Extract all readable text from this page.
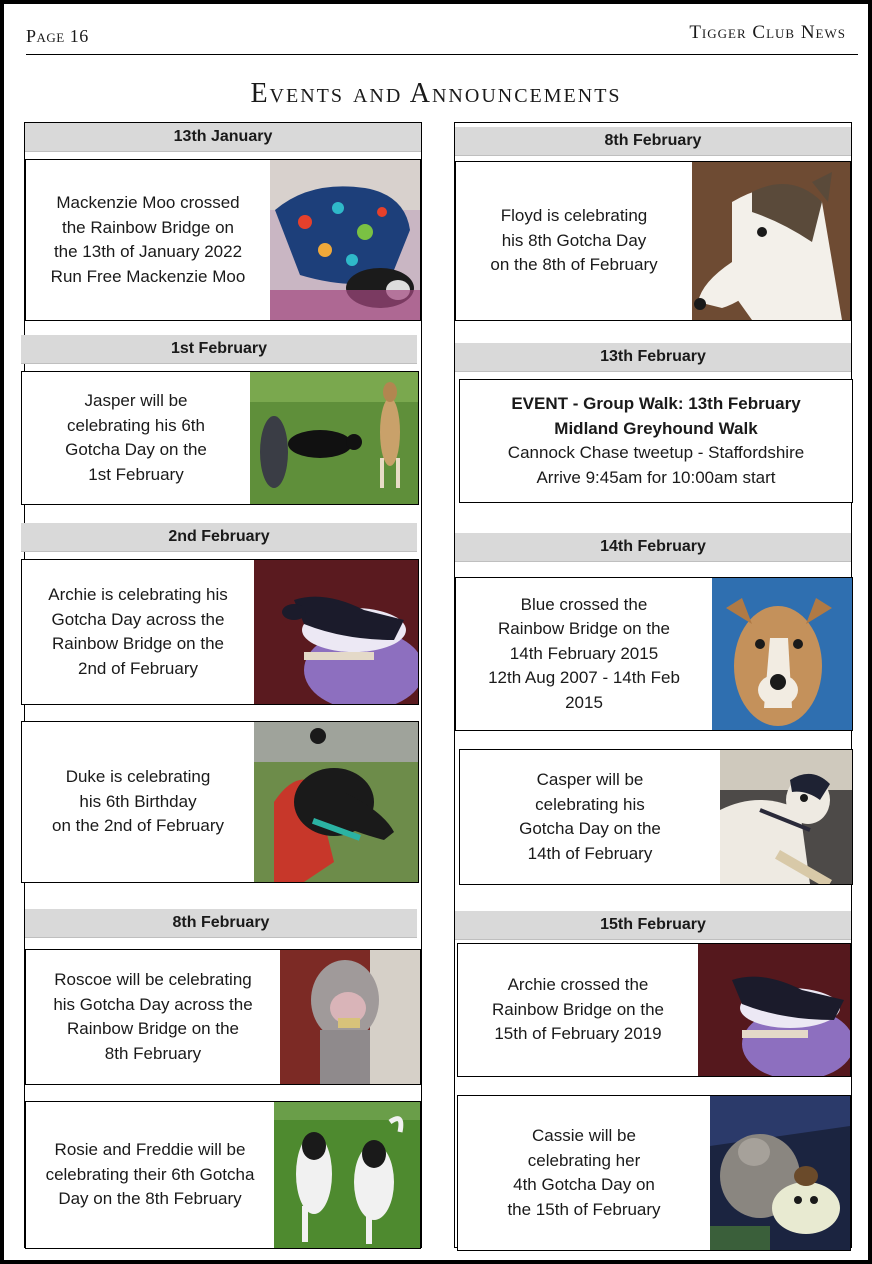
Page 16	Tigger Club News
Events and Announcements
13th January
Mackenzie Moo crossed
the Rainbow Bridge on
the 13th of January 2022
Run Free Mackenzie Moo
1st February
Jasper will be
celebrating his 6th
Gotcha Day on the
1st February
2nd February
Archie is celebrating his
Gotcha Day across the
Rainbow Bridge on the
2nd of February
Duke is celebrating
his 6th Birthday
on the 2nd of February
8th February
Roscoe will be celebrating
his Gotcha Day across the
Rainbow Bridge on the
8th February
Rosie and Freddie will be
celebrating their 6th Gotcha
Day on the 8th February
8th February
Floyd is celebrating
his 8th Gotcha Day
on the 8th of February
13th February
EVENT - Group Walk: 13th February
Midland Greyhound Walk
Cannock Chase tweetup - Staffordshire
Arrive 9:45am for 10:00am start
14th February
Blue crossed the
Rainbow Bridge on the
14th February 2015
12th Aug 2007 - 14th Feb
2015
Casper will be
celebrating his
Gotcha Day on the
14th of February
15th February
Archie crossed the
Rainbow Bridge on the
15th of February 2019
Cassie will be
celebrating her
4th Gotcha Day on
the 15th of February
